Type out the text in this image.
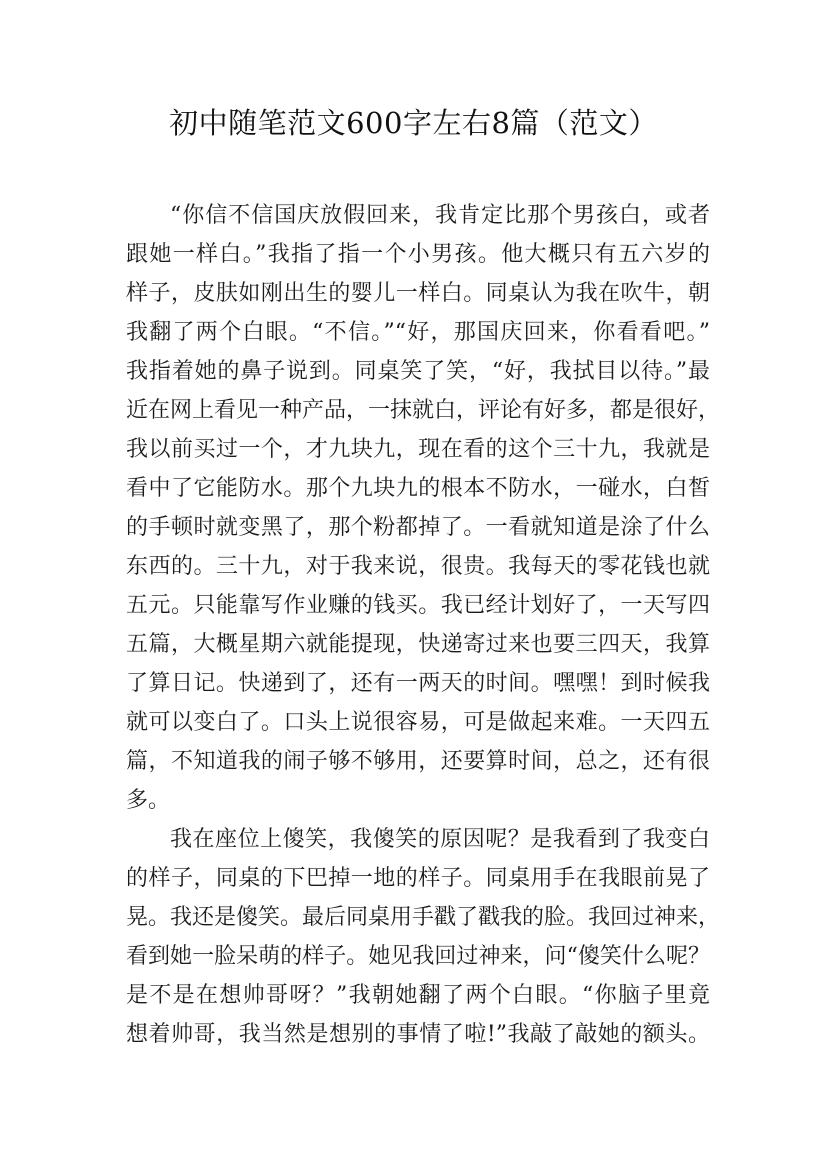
初中随笔范文600字左右8篇（范文）
“你信不信国庆放假回来，我肯定比那个男孩白，或者
跟她一样白。”我指了指一个小男孩。他大概只有五六岁的
样子，皮肤如刚出生的婴儿一样白。同桌认为我在吹牛，朝
我翻了两个白眼。“不信。”“好，那国庆回来，你看看吧。”
我指着她的鼻子说到。同桌笑了笑，“好，我拭目以待。”最
近在网上看见一种产品，一抹就白，评论有好多，都是很好，
我以前买过一个，才九块九，现在看的这个三十九，我就是
看中了它能防水。那个九块九的根本不防水，一碰水，白皙
的手顿时就变黑了，那个粉都掉了。一看就知道是涂了什么
东西的。三十九，对于我来说，很贵。我每天的零花钱也就
五元。只能靠写作业赚的钱买。我已经计划好了，一天写四
五篇，大概星期六就能提现，快递寄过来也要三四天，我算
了算日记。快递到了，还有一两天的时间。嘿嘿！到时候我
就可以变白了。口头上说很容易，可是做起来难。一天四五
篇，不知道我的闹子够不够用，还要算时间，总之，还有很
多。
我在座位上傻笑，我傻笑的原因呢？是我看到了我变白
的样子，同桌的下巴掉一地的样子。同桌用手在我眼前晃了
晃。我还是傻笑。最后同桌用手戳了戳我的脸。我回过神来，
看到她一脸呆萌的样子。她见我回过神来，问“傻笑什么呢？
是不是在想帅哥呀？”我朝她翻了两个白眼。“你脑子里竟
想着帅哥，我当然是想别的事情了啦!”我敲了敲她的额头。
